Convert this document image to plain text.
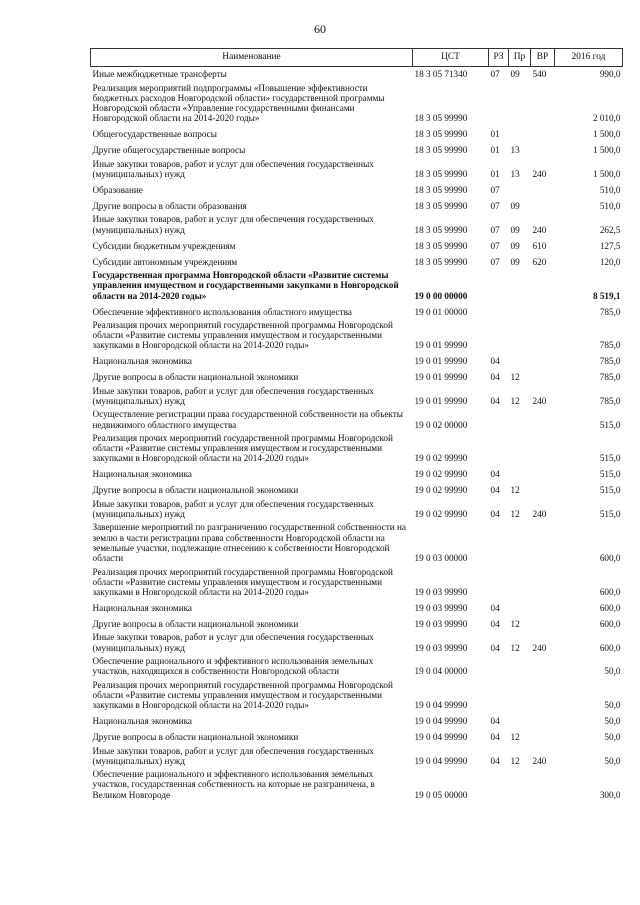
60
Наименование	ЦСТ	РЗ	Пр	ВР	2016 год
Иные межбюджетные трансферты	18 3 05 71340	07	09	540	990,0
Реализация мероприятий подпрограммы «Повышение эффективности бюджетных расходов Новгородской области» государственной программы Новгородской области «Управление государственными финансами Новгородской области на 2014-2020 годы»	18 3 05 99990				2 010,0
Общегосударственные вопросы	18 3 05 99990	01			1 500,0
Другие общегосударственные вопросы	18 3 05 99990	01	13		1 500,0
Иные закупки товаров, работ и услуг для обеспечения государственных (муниципальных) нужд	18 3 05 99990	01	13	240	1 500,0
Образование	18 3 05 99990	07			510,0
Другие вопросы в области образования	18 3 05 99990	07	09		510,0
Иные закупки товаров, работ и услуг для обеспечения государственных (муниципальных) нужд	18 3 05 99990	07	09	240	262,5
Субсидии бюджетным учреждениям	18 3 05 99990	07	09	610	127,5
Субсидии автономным учреждениям	18 3 05 99990	07	09	620	120,0
Государственная программа Новгородской области «Развитие системы управления имуществом и государственными закупками в Новгородской области на 2014-2020 годы»	19 0 00 00000				8 519,1
Обеспечение эффективного использования областного имущества	19 0 01 00000				785,0
Реализация прочих мероприятий государственной программы Новгородской области «Развитие системы управления имуществом и государственными закупками в Новгородской области на 2014-2020 годы»	19 0 01 99990				785,0
Национальная экономика	19 0 01 99990	04			785,0
Другие вопросы в области национальной экономики	19 0 01 99990	04	12		785,0
Иные закупки товаров, работ и услуг для обеспечения государственных (муниципальных) нужд	19 0 01 99990	04	12	240	785,0
Осуществление регистрации права государственной собственности на объекты недвижимого областного имущества	19 0 02 00000				515,0
Реализация прочих мероприятий государственной программы Новгородской области «Развитие системы управления имуществом и государственными закупками в Новгородской области на 2014-2020 годы»	19 0 02 99990				515,0
Национальная экономика	19 0 02 99990	04			515,0
Другие вопросы в области национальной экономики	19 0 02 99990	04	12		515,0
Иные закупки товаров, работ и услуг для обеспечения государственных (муниципальных) нужд	19 0 02 99990	04	12	240	515,0
Завершение мероприятий по разграничению государственной собственности на землю в части регистрации права собственности Новгородской области на земельные участки, подлежащие отнесению к собственности Новгородской области	19 0 03 00000				600,0
Реализация прочих мероприятий государственной программы Новгородской области «Развитие системы управления имуществом и государственными закупками в Новгородской области на 2014-2020 годы»	19 0 03 99990				600,0
Национальная экономика	19 0 03 99990	04			600,0
Другие вопросы в области национальной экономики	19 0 03 99990	04	12		600,0
Иные закупки товаров, работ и услуг для обеспечения государственных (муниципальных) нужд	19 0 03 99990	04	12	240	600,0
Обеспечение рационального и эффективного использования земельных участков, находящихся в собственности Новгородской области	19 0 04 00000				50,0
Реализация прочих мероприятий государственной программы Новгородской области «Развитие системы управления имуществом и государственными закупками в Новгородской области на 2014-2020 годы»	19 0 04 99990				50,0
Национальная экономика	19 0 04 99990	04			50,0
Другие вопросы в области национальной экономики	19 0 04 99990	04	12		50,0
Иные закупки товаров, работ и услуг для обеспечения государственных (муниципальных) нужд	19 0 04 99990	04	12	240	50,0
Обеспечение рационального и эффективного использования земельных участков, государственная собственность на которые не разграничена, в Великом Новгороде	19 0 05 00000				300,0
